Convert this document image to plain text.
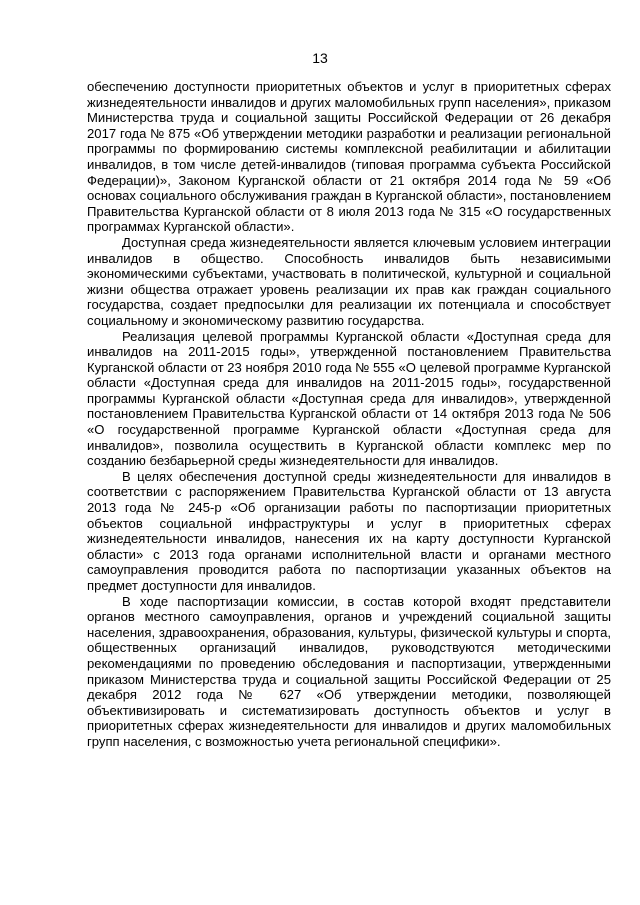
13

обеспечению доступности приоритетных объектов и услуг в приоритетных сферах жизнедеятельности инвалидов и других маломобильных групп населения», приказом Министерства труда и социальной защиты Российской Федерации от 26 декабря 2017 года № 875 «Об утверждении методики разработки и реализации региональной программы по формированию системы комплексной реабилитации и абилитации инвалидов, в том числе детей-инвалидов (типовая программа субъекта Российской Федерации)», Законом Курганской области от 21 октября 2014 года № 59 «Об основах социального обслуживания граждан в Курганской области», постановлением Правительства Курганской области от 8 июля 2013 года № 315 «О государственных программах Курганской области».

Доступная среда жизнедеятельности является ключевым условием интеграции инвалидов в общество. Способность инвалидов быть независимыми экономическими субъектами, участвовать в политической, культурной и социальной жизни общества отражает уровень реализации их прав как граждан социального государства, создает предпосылки для реализации их потенциала и способствует социальному и экономическому развитию государства.

Реализация целевой программы Курганской области «Доступная среда для инвалидов на 2011-2015 годы», утвержденной постановлением Правительства Курганской области от 23 ноября 2010 года № 555 «О целевой программе Курганской области «Доступная среда для инвалидов на 2011-2015 годы», государственной программы Курганской области «Доступная среда для инвалидов», утвержденной постановлением Правительства Курганской области от 14 октября 2013 года № 506 «О государственной программе Курганской области «Доступная среда для инвалидов», позволила осуществить в Курганской области комплекс мер по созданию безбарьерной среды жизнедеятельности для инвалидов.

В целях обеспечения доступной среды жизнедеятельности для инвалидов в соответствии с распоряжением Правительства Курганской области от 13 августа 2013 года № 245-р «Об организации работы по паспортизации приоритетных объектов социальной инфраструктуры и услуг в приоритетных сферах жизнедеятельности инвалидов, нанесения их на карту доступности Курганской области» с 2013 года органами исполнительной власти и органами местного самоуправления проводится работа по паспортизации указанных объектов на предмет доступности для инвалидов.

В ходе паспортизации комиссии, в состав которой входят представители органов местного самоуправления, органов и учреждений социальной защиты населения, здравоохранения, образования, культуры, физической культуры и спорта, общественных организаций инвалидов, руководствуются методическими рекомендациями по проведению обследования и паспортизации, утвержденными приказом Министерства труда и социальной защиты Российской Федерации от 25 декабря 2012 года № 627 «Об утверждении методики, позволяющей объективизировать и систематизировать доступность объектов и услуг в приоритетных сферах жизнедеятельности для инвалидов и других маломобильных групп населения, с возможностью учета региональной специфики».
